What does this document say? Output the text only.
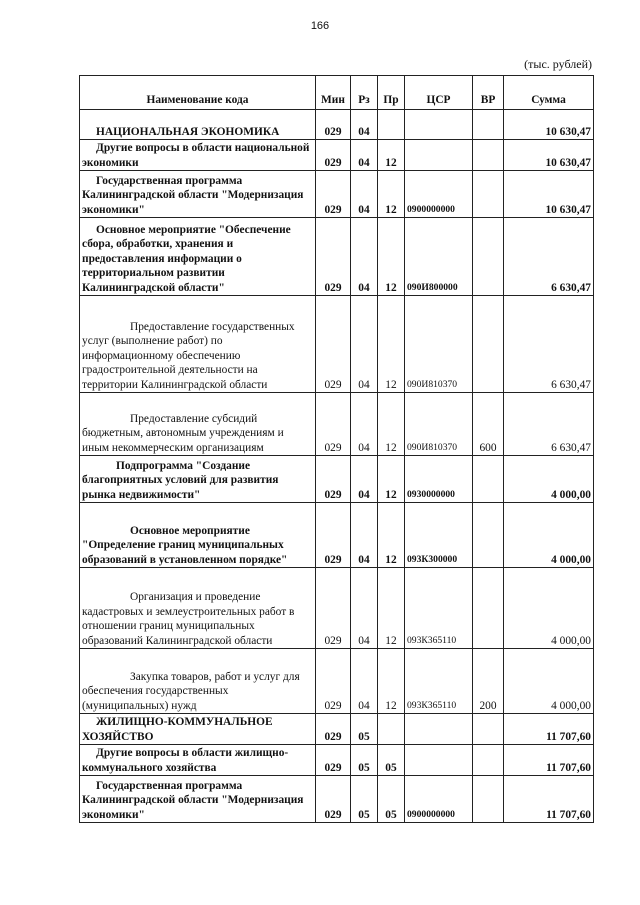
166
(тыс. рублей)
Наименование кода	Мин	Рз	Пр	ЦСР	ВР	Сумма
НАЦИОНАЛЬНАЯ ЭКОНОМИКА	029	04				10 630,47
Другие вопросы в области национальной экономики	029	04	12			10 630,47
Государственная программа Калининградской области "Модернизация экономики"	029	04	12	0900000000		10 630,47
Основное мероприятие "Обеспечение сбора, обработки, хранения и предоставления информации о территориальном развитии Калининградской области"	029	04	12	090И800000		6 630,47
Предоставление государственных услуг (выполнение работ) по информационному обеспечению градостроительной деятельности на территории Калининградской области	029	04	12	090И810370		6 630,47
Предоставление субсидий бюджетным, автономным учреждениям и иным некоммерческим организациям	029	04	12	090И810370	600	6 630,47
Подпрограмма "Создание благоприятных условий для развития рынка недвижимости"	029	04	12	0930000000		4 000,00
Основное мероприятие "Определение границ муниципальных образований в установленном порядке"	029	04	12	093К300000		4 000,00
Организация и проведение кадастровых и землеустроительных работ в отношении границ муниципальных образований Калининградской области	029	04	12	093К365110		4 000,00
Закупка товаров, работ и услуг для обеспечения государственных (муниципальных) нужд	029	04	12	093К365110	200	4 000,00
ЖИЛИЩНО-КОММУНАЛЬНОЕ ХОЗЯЙСТВО	029	05				11 707,60
Другие вопросы в области жилищно-коммунального хозяйства	029	05	05			11 707,60
Государственная программа Калининградской области "Модернизация экономики"	029	05	05	0900000000		11 707,60
